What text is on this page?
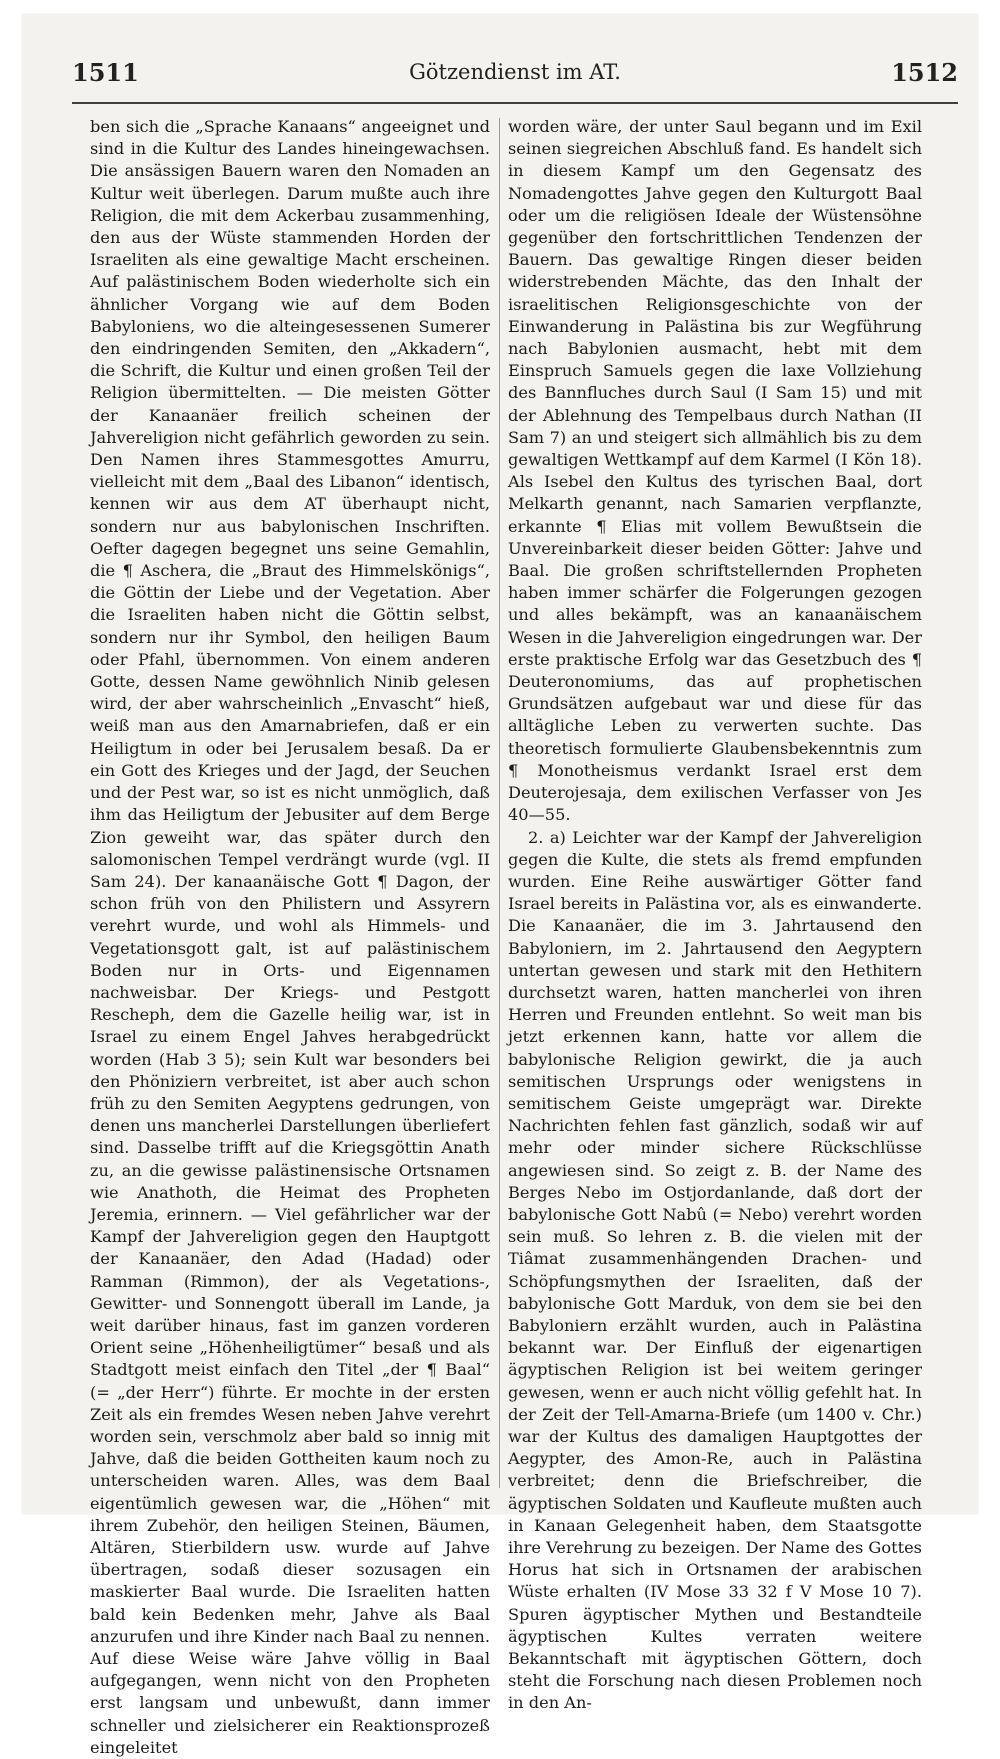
1511	Götzendienst im AT.	1512

ben sich die „Sprache Kanaans“ angeeignet und sind in die Kultur des Landes hineingewachsen. Die ansässigen Bauern waren den Nomaden an Kultur weit überlegen. Darum mußte auch ihre Religion, die mit dem Ackerbau zusammenhing, den aus der Wüste stammenden Horden der Israeliten als eine gewaltige Macht erscheinen. Auf palästinischem Boden wiederholte sich ein ähnlicher Vorgang wie auf dem Boden Babyloniens, wo die alteingesessenen Sumerer den eindringenden Semiten, den „Akkadern“, die Schrift, die Kultur und einen großen Teil der Religion übermittelten. — Die meisten Götter der Kanaanäer freilich scheinen der Jahvereligion nicht gefährlich geworden zu sein. Den Namen ihres Stammesgottes Amurru, vielleicht mit dem „Baal des Libanon“ identisch, kennen wir aus dem AT überhaupt nicht, sondern nur aus babylonischen Inschriften. Oefter dagegen begegnet uns seine Gemahlin, die ¶ Aschera, die „Braut des Himmelskönigs“, die Göttin der Liebe und der Vegetation. Aber die Israeliten haben nicht die Göttin selbst, sondern nur ihr Symbol, den heiligen Baum oder Pfahl, übernommen. Von einem anderen Gotte, dessen Name gewöhnlich Ninib gelesen wird, der aber wahrscheinlich „Envascht“ hieß, weiß man aus den Amarnabriefen, daß er ein Heiligtum in oder bei Jerusalem besaß. Da er ein Gott des Krieges und der Jagd, der Seuchen und der Pest war, so ist es nicht unmöglich, daß ihm das Heiligtum der Jebusiter auf dem Berge Zion geweiht war, das später durch den salomonischen Tempel verdrängt wurde (vgl. II Sam 24). Der kanaanäische Gott ¶ Dagon, der schon früh von den Philistern und Assyrern verehrt wurde, und wohl als Himmels- und Vegetationsgott galt, ist auf palästinischem Boden nur in Orts- und Eigennamen nachweisbar. Der Kriegs- und Pestgott Rescheph, dem die Gazelle heilig war, ist in Israel zu einem Engel Jahves herabgedrückt worden (Hab 3 5); sein Kult war besonders bei den Phöniziern verbreitet, ist aber auch schon früh zu den Semiten Aegyptens gedrungen, von denen uns mancherlei Darstellungen überliefert sind. Dasselbe trifft auf die Kriegsgöttin Anath zu, an die gewisse palästinensische Ortsnamen wie Anathoth, die Heimat des Propheten Jeremia, erinnern. — Viel gefährlicher war der Kampf der Jahvereligion gegen den Hauptgott der Kanaanäer, den Adad (Hadad) oder Ramman (Rimmon), der als Vegetations-, Gewitter- und Sonnengott überall im Lande, ja weit darüber hinaus, fast im ganzen vorderen Orient seine „Höhenheiligtümer“ besaß und als Stadtgott meist einfach den Titel „der ¶ Baal“ (= „der Herr“) führte. Er mochte in der ersten Zeit als ein fremdes Wesen neben Jahve verehrt worden sein, verschmolz aber bald so innig mit Jahve, daß die beiden Gottheiten kaum noch zu unterscheiden waren. Alles, was dem Baal eigentümlich gewesen war, die „Höhen“ mit ihrem Zubehör, den heiligen Steinen, Bäumen, Altären, Stierbildern usw. wurde auf Jahve übertragen, sodaß dieser sozusagen ein maskierter Baal wurde. Die Israeliten hatten bald kein Bedenken mehr, Jahve als Baal anzurufen und ihre Kinder nach Baal zu nennen. Auf diese Weise wäre Jahve völlig in Baal aufgegangen, wenn nicht von den Propheten erst langsam und unbewußt, dann immer schneller und zielsicherer ein Reaktionsprozeß eingeleitet

worden wäre, der unter Saul begann und im Exil seinen siegreichen Abschluß fand. Es handelt sich in diesem Kampf um den Gegensatz des Nomadengottes Jahve gegen den Kulturgott Baal oder um die religiösen Ideale der Wüstensöhne gegenüber den fortschrittlichen Tendenzen der Bauern. Das gewaltige Ringen dieser beiden widerstrebenden Mächte, das den Inhalt der israelitischen Religionsgeschichte von der Einwanderung in Palästina bis zur Wegführung nach Babylonien ausmacht, hebt mit dem Einspruch Samuels gegen die laxe Vollziehung des Bannfluches durch Saul (I Sam 15) und mit der Ablehnung des Tempelbaus durch Nathan (II Sam 7) an und steigert sich allmählich bis zu dem gewaltigen Wettkampf auf dem Karmel (I Kön 18). Als Isebel den Kultus des tyrischen Baal, dort Melkarth genannt, nach Samarien verpflanzte, erkannte ¶ Elias mit vollem Bewußtsein die Unvereinbarkeit dieser beiden Götter: Jahve und Baal. Die großen schriftstellernden Propheten haben immer schärfer die Folgerungen gezogen und alles bekämpft, was an kanaanäischem Wesen in die Jahvereligion eingedrungen war. Der erste praktische Erfolg war das Gesetzbuch des ¶ Deuteronomiums, das auf prophetischen Grundsätzen aufgebaut war und diese für das alltägliche Leben zu verwerten suchte. Das theoretisch formulierte Glaubensbekenntnis zum ¶ Monotheismus verdankt Israel erst dem Deuterojesaja, dem exilischen Verfasser von Jes 40—55.

2. a) Leichter war der Kampf der Jahvereligion gegen die Kulte, die stets als fremd empfunden wurden. Eine Reihe auswärtiger Götter fand Israel bereits in Palästina vor, als es einwanderte. Die Kanaanäer, die im 3. Jahrtausend den Babyloniern, im 2. Jahrtausend den Aegyptern untertan gewesen und stark mit den Hethitern durchsetzt waren, hatten mancherlei von ihren Herren und Freunden entlehnt. So weit man bis jetzt erkennen kann, hatte vor allem die babylonische Religion gewirkt, die ja auch semitischen Ursprungs oder wenigstens in semitischem Geiste umgeprägt war. Direkte Nachrichten fehlen fast gänzlich, sodaß wir auf mehr oder minder sichere Rückschlüsse angewiesen sind. So zeigt z. B. der Name des Berges Nebo im Ostjordanlande, daß dort der babylonische Gott Nabû (= Nebo) verehrt worden sein muß. So lehren z. B. die vielen mit der Tiâmat zusammenhängenden Drachen- und Schöpfungsmythen der Israeliten, daß der babylonische Gott Marduk, von dem sie bei den Babyloniern erzählt wurden, auch in Palästina bekannt war. Der Einfluß der eigenartigen ägyptischen Religion ist bei weitem geringer gewesen, wenn er auch nicht völlig gefehlt hat. In der Zeit der Tell-Amarna-Briefe (um 1400 v. Chr.) war der Kultus des damaligen Hauptgottes der Aegypter, des Amon-Re, auch in Palästina verbreitet; denn die Briefschreiber, die ägyptischen Soldaten und Kaufleute mußten auch in Kanaan Gelegenheit haben, dem Staatsgotte ihre Verehrung zu bezeigen. Der Name des Gottes Horus hat sich in Ortsnamen der arabischen Wüste erhalten (IV Mose 33 32 f V Mose 10 7). Spuren ägyptischer Mythen und Bestandteile ägyptischen Kultes verraten weitere Bekanntschaft mit ägyptischen Göttern, doch steht die Forschung nach diesen Problemen noch in den An-
